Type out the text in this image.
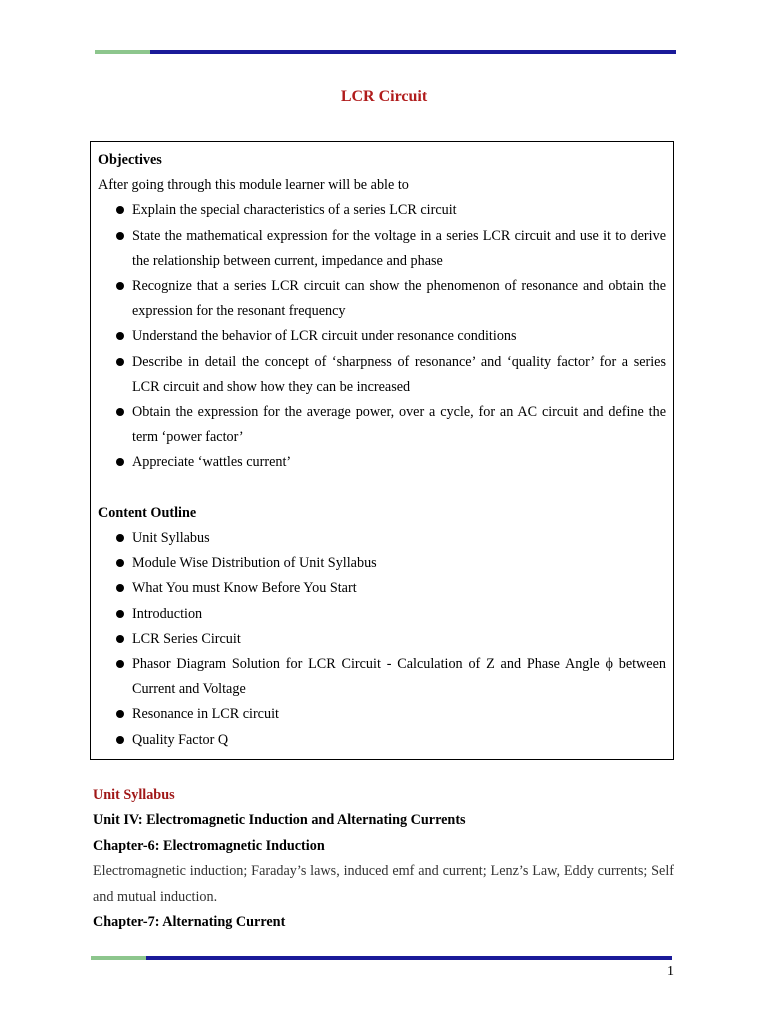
LCR Circuit
Objectives
After going through this module learner will be able to
Explain the special characteristics of a series LCR circuit
State the mathematical expression for the voltage in a series LCR circuit and use it to derive the relationship between current, impedance and phase
Recognize that a series LCR circuit can show the phenomenon of resonance and obtain the expression for the resonant frequency
Understand the behavior of LCR circuit under resonance conditions
Describe in detail the concept of ‘sharpness of resonance’ and ‘quality factor’ for a series LCR circuit and show how they can be increased
Obtain the expression for the average power, over a cycle, for an AC circuit and define the term ‘power factor’
Appreciate ‘wattles current’
Content Outline
Unit Syllabus
Module Wise Distribution of Unit Syllabus
What You must Know Before You Start
Introduction
LCR Series Circuit
Phasor Diagram Solution for LCR Circuit - Calculation of Z and Phase Angle ϕ between Current and Voltage
Resonance in LCR circuit
Quality Factor Q
Unit Syllabus
Unit IV: Electromagnetic Induction and Alternating Currents
Chapter-6: Electromagnetic Induction
Electromagnetic induction; Faraday’s laws, induced emf and current; Lenz’s Law, Eddy currents; Self and mutual induction.
Chapter-7: Alternating Current
1
